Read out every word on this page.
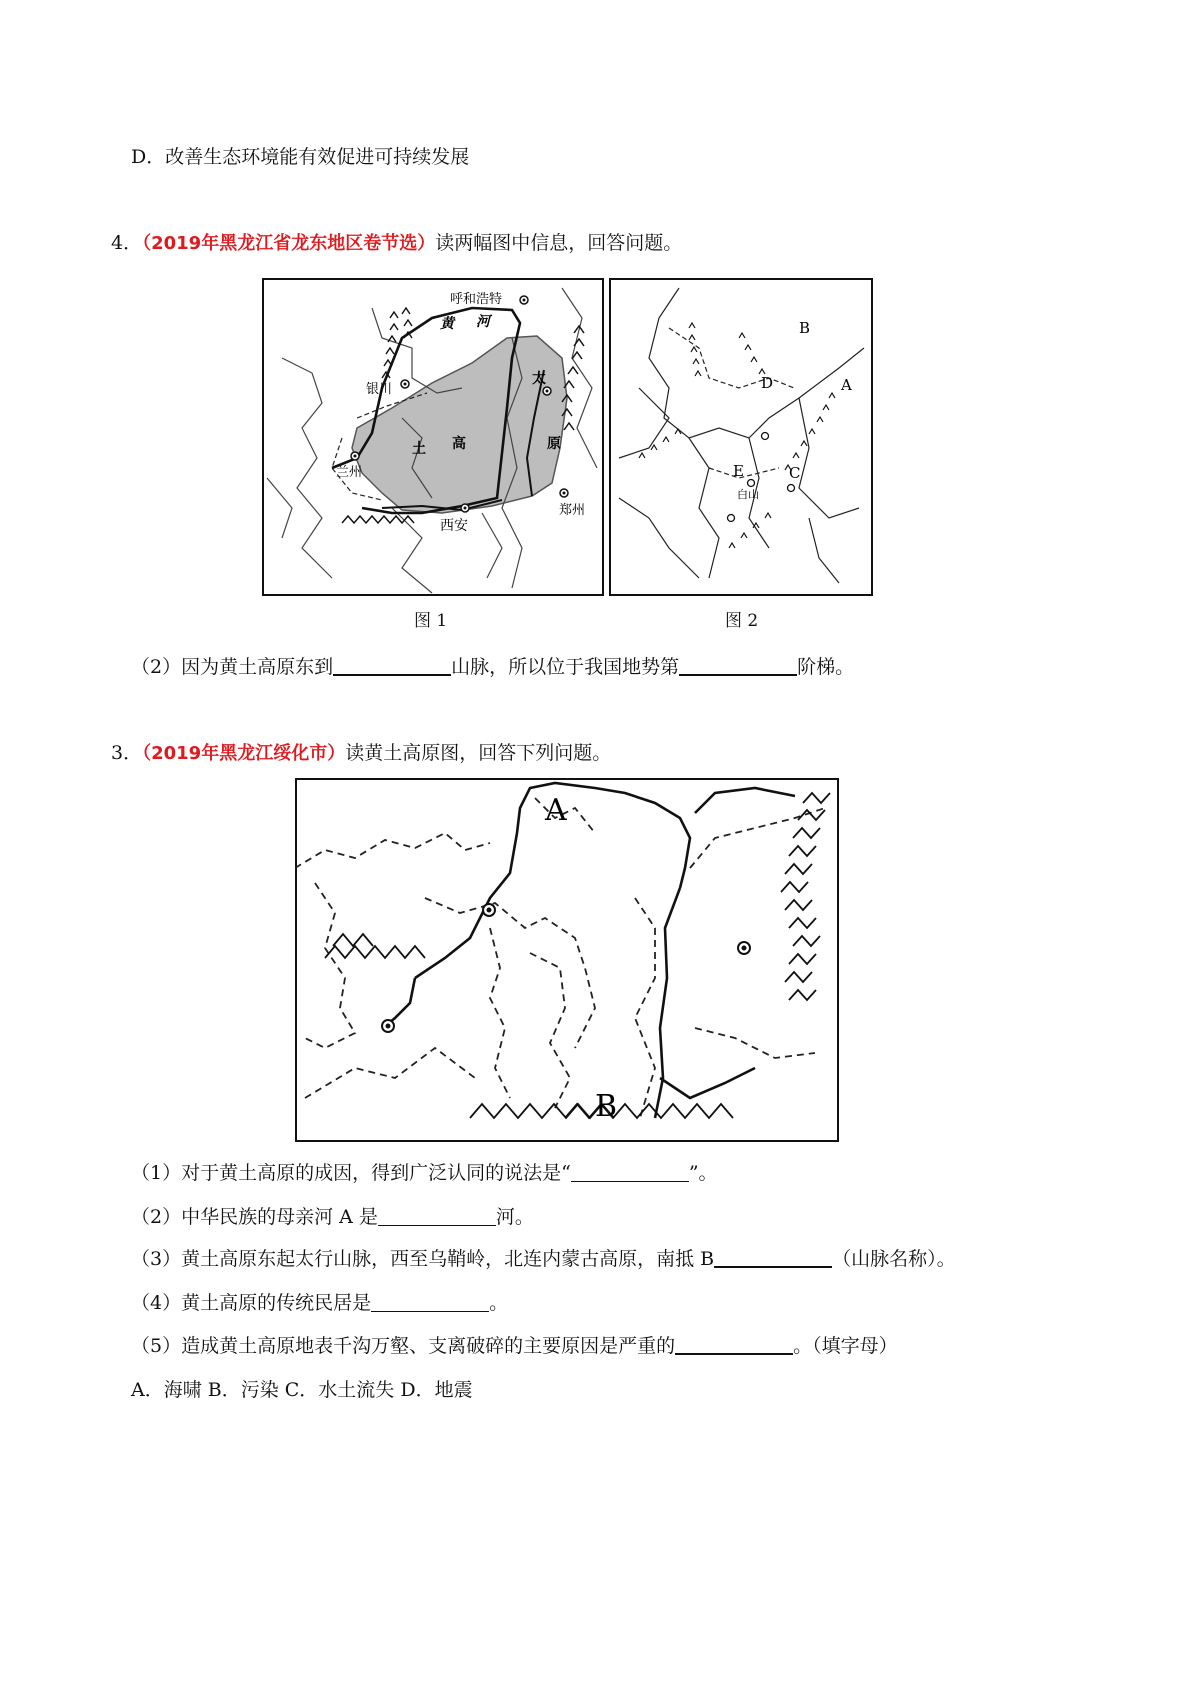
D．改善生态环境能有效促进可持续发展
4．（2019年黑龙江省龙东地区卷节选）读两幅图中信息，回答问题。
呼和浩特
黄 河
银川
太
兰州
土 高	原
西安
郑州
图 1
B
D	A
E	C
白山
图 2
（2）因为黄土高原东到	山脉，所以位于我国地势第	阶梯。
3．（2019年黑龙江绥化市）读黄土高原图，回答下列问题。
A
B
（1）对于黄土高原的成因，得到广泛认同的说法是“	”。
（2）中华民族的母亲河 A 是	河。
（3）黄土高原东起太行山脉，西至乌鞘岭，北连内蒙古高原，南抵 B	（山脉名称）。
（4）黄土高原的传统民居是	。
（5）造成黄土高原地表千沟万壑、支离破碎的主要原因是严重的	。（填字母）
A．海啸 B．污染 C．水土流失 D．地震
